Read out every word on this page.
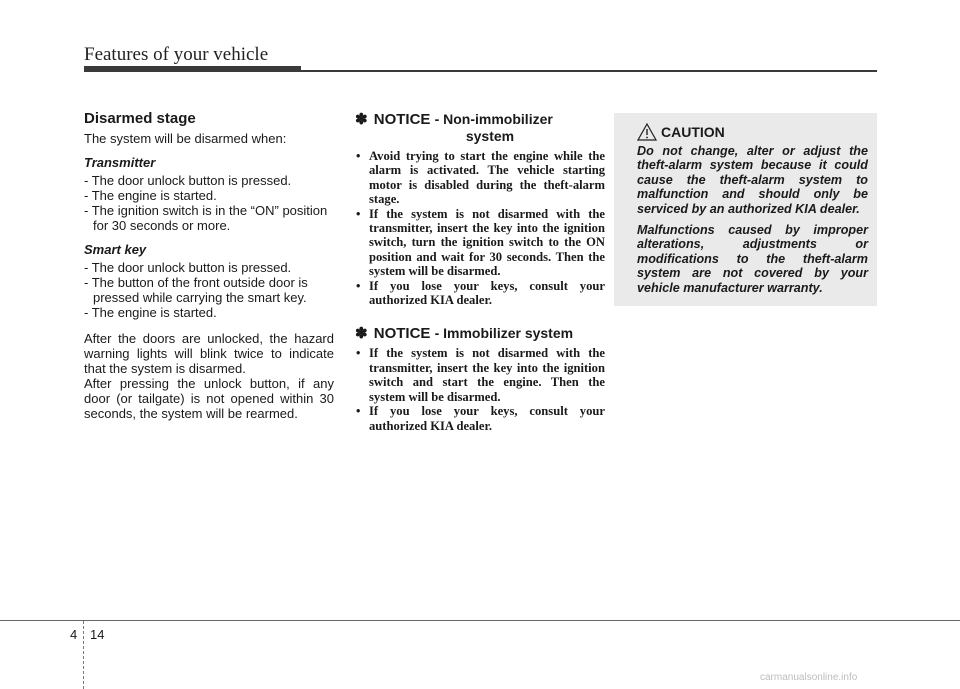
Features of your vehicle
Disarmed stage

The system will be disarmed when:

Transmitter
- The door unlock button is pressed.
- The engine is started.
- The ignition switch is in the “ON” position for 30 seconds or more.
Smart key
- The door unlock button is pressed.
- The button of the front outside door is pressed while carrying the smart key.
- The engine is started.

After the doors are unlocked, the hazard warning lights will blink twice to indicate that the system is disarmed.

After pressing the unlock button, if any door (or tailgate) is not opened within 30 seconds, the system will be rearmed.

✽ NOTICE - Non-immobilizer
system
• Avoid trying to start the engine while the alarm is activated. The vehicle starting motor is disabled during the theft-alarm stage.
• If the system is not disarmed with the transmitter, insert the key into the ignition switch, turn the ignition switch to the ON position and wait for 30 seconds. Then the system will be disarmed.
• If you lose your keys, consult your authorized KIA dealer.
✽ NOTICE - Immobilizer system
• If the system is not disarmed with the transmitter, insert the key into the ignition switch and start the engine. Then the system will be disarmed.
• If you lose your keys, consult your authorized KIA dealer.
CAUTION

Do not change, alter or adjust the theft-alarm system because it could cause the theft-alarm system to malfunction and should only be serviced by an authorized KIA dealer.

Malfunctions caused by improper alterations, adjustments or modifications to the theft-alarm system are not covered by your vehicle manufacturer warranty.

4 14
carmanualsonline.info
